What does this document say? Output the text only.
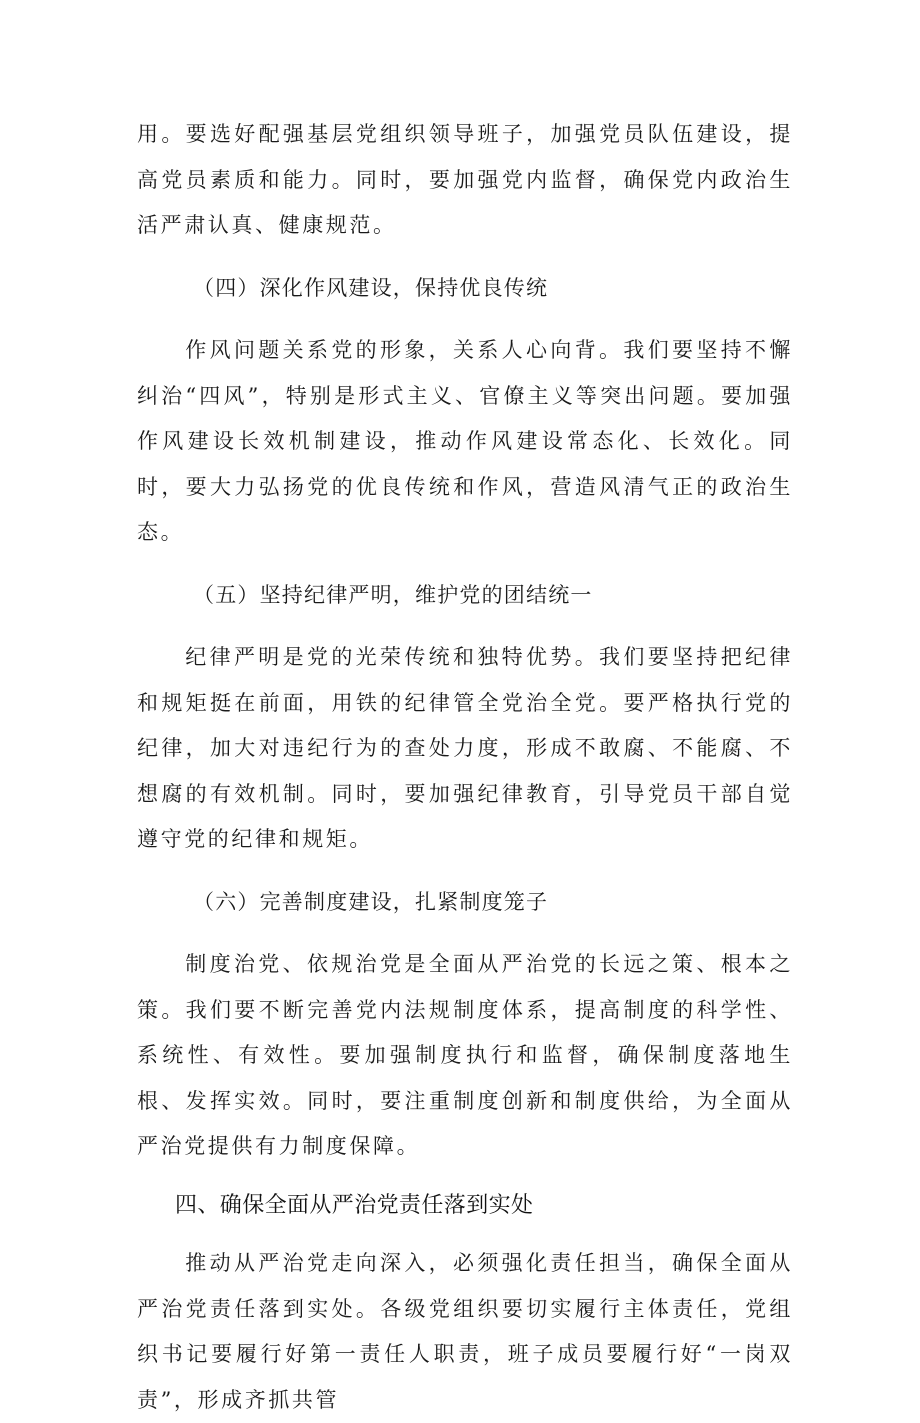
用。要选好配强基层党组织领导班子，加强党员队伍建设，提高党员素质和能力。同时，要加强党内监督，确保党内政治生活严肃认真、健康规范。

（四）深化作风建设，保持优良传统

作风问题关系党的形象，关系人心向背。我们要坚持不懈纠治“四风”，特别是形式主义、官僚主义等突出问题。要加强作风建设长效机制建设，推动作风建设常态化、长效化。同时，要大力弘扬党的优良传统和作风，营造风清气正的政治生态。

（五）坚持纪律严明，维护党的团结统一

纪律严明是党的光荣传统和独特优势。我们要坚持把纪律和规矩挺在前面，用铁的纪律管全党治全党。要严格执行党的纪律，加大对违纪行为的查处力度，形成不敢腐、不能腐、不想腐的有效机制。同时，要加强纪律教育，引导党员干部自觉遵守党的纪律和规矩。

（六）完善制度建设，扎紧制度笼子

制度治党、依规治党是全面从严治党的长远之策、根本之策。我们要不断完善党内法规制度体系，提高制度的科学性、系统性、有效性。要加强制度执行和监督，确保制度落地生根、发挥实效。同时，要注重制度创新和制度供给，为全面从严治党提供有力制度保障。

四、确保全面从严治党责任落到实处

推动从严治党走向深入，必须强化责任担当，确保全面从严治党责任落到实处。各级党组织要切实履行主体责任，党组织书记要履行好第一责任人职责，班子成员要履行好“一岗双责”，形成齐抓共管
